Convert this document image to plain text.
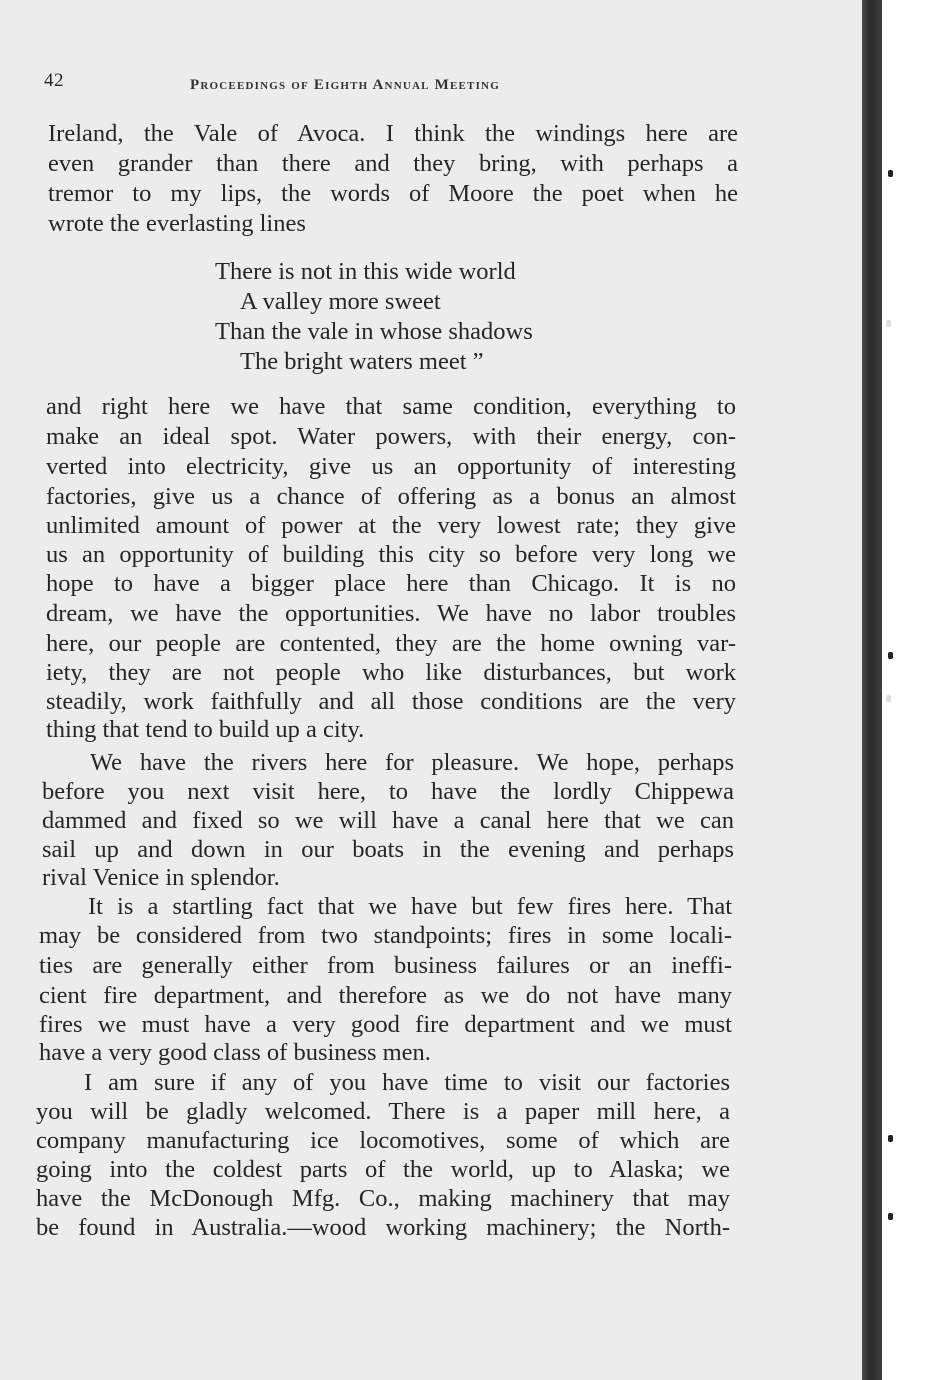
42	Proceedings of Eighth Annual Meeting
Ireland, the Vale of Avoca. I think the windings here are
even grander than there and they bring, with perhaps a
tremor to my lips, the words of Moore the poet when he
wrote the everlasting lines
There is not in this wide world
A valley more sweet
Than the vale in whose shadows
The bright waters meet ”
and right here we have that same condition, everything to
make an ideal spot. Water powers, with their energy, con-
verted into electricity, give us an opportunity of interesting
factories, give us a chance of offering as a bonus an almost
unlimited amount of power at the very lowest rate; they give
us an opportunity of building this city so before very long we
hope to have a bigger place here than Chicago. It is no
dream, we have the opportunities. We have no labor troubles
here, our people are contented, they are the home owning var-
iety, they are not people who like disturbances, but work
steadily, work faithfully and all those conditions are the very
thing that tend to build up a city.
We have the rivers here for pleasure. We hope, perhaps
before you next visit here, to have the lordly Chippewa
dammed and fixed so we will have a canal here that we can
sail up and down in our boats in the evening and perhaps
rival Venice in splendor.
It is a startling fact that we have but few fires here. That
may be considered from two standpoints; fires in some locali-
ties are generally either from business failures or an ineffi-
cient fire department, and therefore as we do not have many
fires we must have a very good fire department and we must
have a very good class of business men.
I am sure if any of you have time to visit our factories
you will be gladly welcomed. There is a paper mill here, a
company manufacturing ice locomotives, some of which are
going into the coldest parts of the world, up to Alaska; we
have the McDonough Mfg. Co., making machinery that may
be found in Australia.—wood working machinery; the North-
